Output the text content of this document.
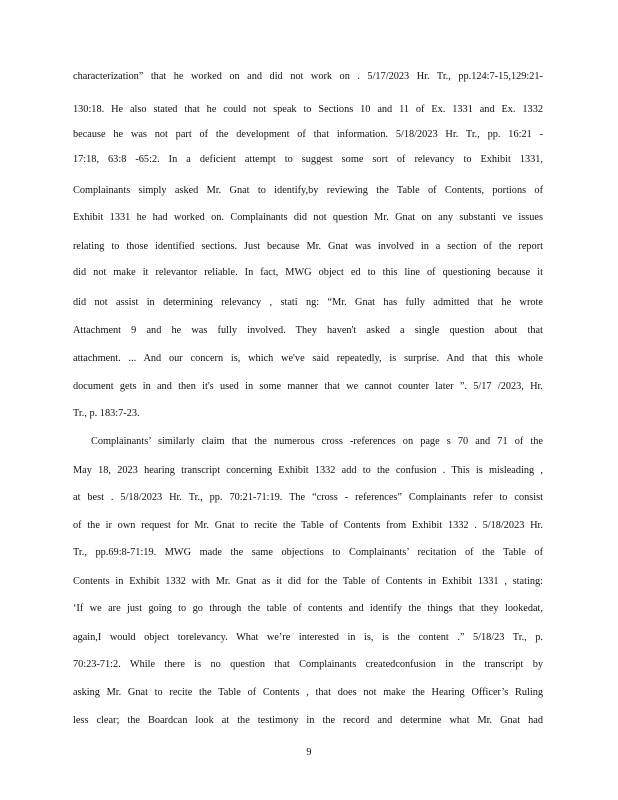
characterization” that he worked on and did not work on . 5/17/2023 Hr. Tr., pp.124:7-15,129:21-
130:18. He also stated that he could not speak to Sections 10 and 11 of Ex. 1331 and Ex. 1332
because he was not part of the development of that information. 5/18/2023 Hr. Tr., pp. 16:21 -
17:18, 63:8 -65:2. In a deficient attempt to suggest some sort of relevancy to Exhibit 1331,
Complainants simply asked Mr. Gnat to identify,by reviewing the Table of Contents, portions of
Exhibit 1331 he had worked on. Complainants did not question Mr. Gnat on any substanti ve issues
relating to those identified sections. Just because Mr. Gnat was involved in a section of the report
did not make it relevantor reliable. In fact, MWG object ed to this line of questioning because it
did not assist in determining relevancy , stati ng: “Mr. Gnat has fully admitted that he wrote
Attachment 9 and he was fully involved. They haven't asked a single question about that
attachment. ... And our concern is, which we've said repeatedly, is surprise. And that this whole
document gets in and then it's used in some manner that we cannot counter later ”. 5/17 /2023, Hr.
Tr., p. 183:7-23.
Complainants’ similarly claim that the numerous cross -references on page s 70 and 71 of the
May 18, 2023 hearing transcript concerning Exhibit 1332 add to the confusion . This is misleading ,
at best . 5/18/2023 Hr. Tr., pp. 70:21-71:19. The “cross - references” Complainants refer to consist
of the ir own request for Mr. Gnat to recite the Table of Contents from Exhibit 1332 . 5/18/2023 Hr.
Tr., pp.69:8-71:19. MWG made the same objections to Complainants’ recitation of the Table of
Contents in Exhibit 1332 with Mr. Gnat as it did for the Table of Contents in Exhibit 1331 , stating:
‘If we are just going to go through the table of contents and identify the things that they lookedat,
again,I would object torelevancy. What we’re interested in is, is the content .” 5/18/23 Tr., p.
70:23-71:2. While there is no question that Complainants createdconfusion in the transcript by
asking Mr. Gnat to recite the Table of Contents , that does not make the Hearing Officer’s Ruling
less clear; the Boardcan look at the testimony in the record and determine what Mr. Gnat had
9
